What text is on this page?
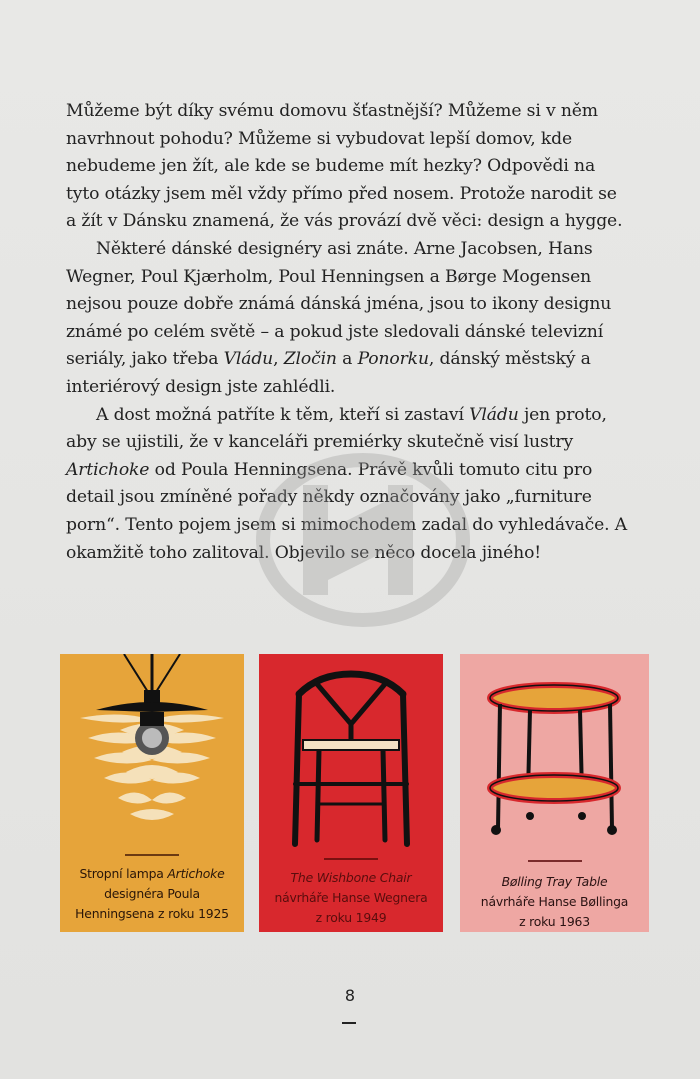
Můžeme být díky svému domovu šťastnější? Můžeme si v něm navrhnout pohodu? Můžeme si vybudovat lepší domov, kde nebudeme jen žít, ale kde se budeme mít hezky? Odpovědi na tyto otázky jsem měl vždy přímo před nosem. Protože narodit se a žít v Dánsku znamená, že vás provází dvě věci: design a hygge.

Některé dánské designéry asi znáte. Arne Jacobsen, Hans Wegner, Poul Kjærholm, Poul Henningsen a Børge Mogensen nejsou pouze dobře známá dánská jména, jsou to ikony designu známé po celém světě – a pokud jste sledovali dánské televizní seriály, jako třeba Vládu, Zločin a Ponorku, dánský městský a interiérový design jste zahlédli.

A dost možná patříte k těm, kteří si zastaví Vládu jen proto, aby se ujistili, že v kanceláři premiérky skutečně visí lustry Artichoke od Poula Henningsena. Právě kvůli tomuto citu pro detail jsou zmíněné pořady někdy označovány jako „furniture porn“. Tento pojem jsem si mimochodem zadal do vyhledávače. A okamžitě toho zalitoval. Objevilo se něco docela jiného!

Stropní lampa Artichoke
designéra Poula
Henningsena z roku 1925
The Wishbone Chair
návrháře Hanse Wegnera
z roku 1949
Bølling Tray Table
návrháře Hanse Bøllinga
z roku 1963
8
